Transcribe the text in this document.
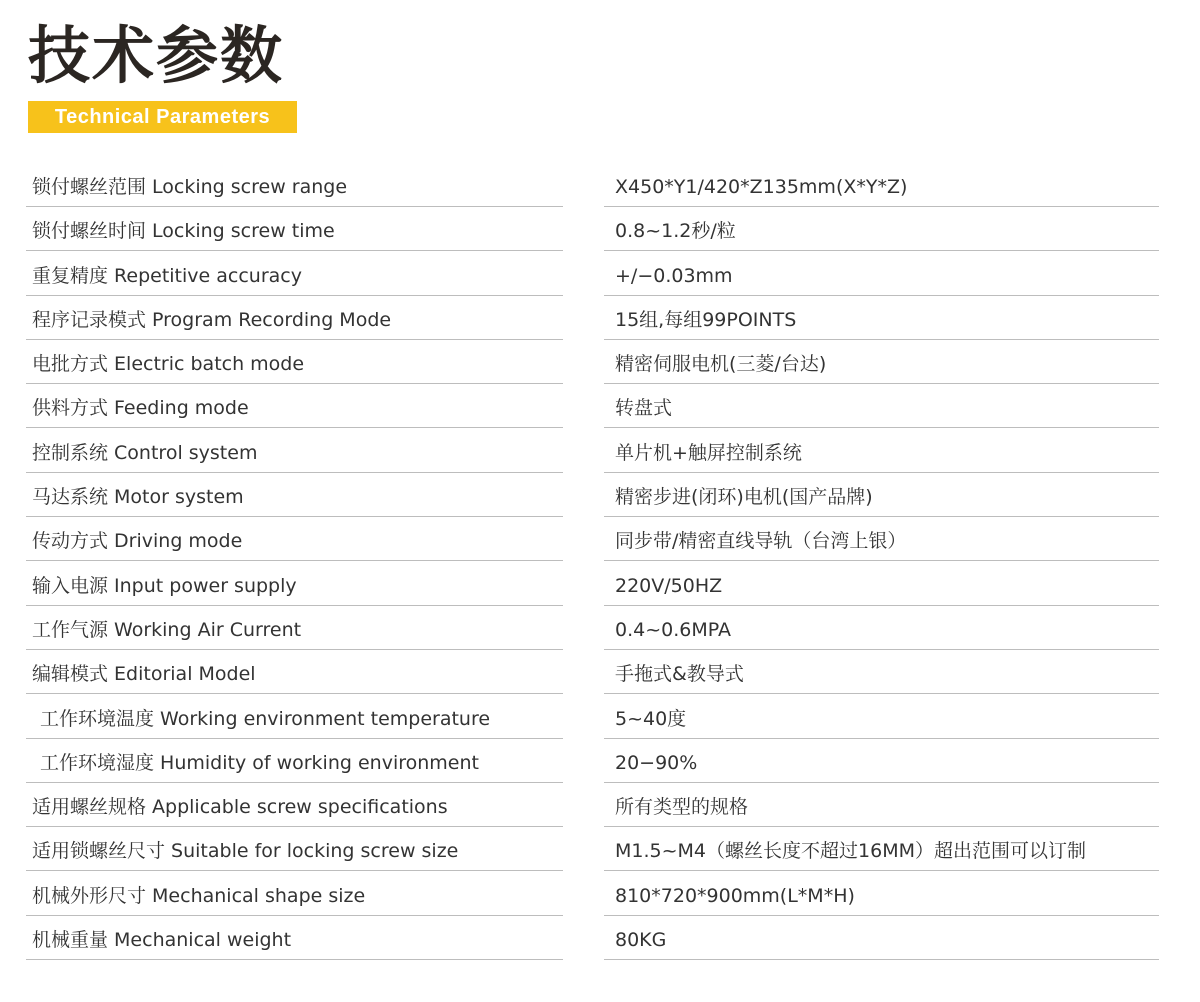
技术参数
Technical Parameters
锁付螺丝范围 Locking screw range	X450*Y1/420*Z135mm(X*Y*Z)
锁付螺丝时间 Locking screw time	0.8~1.2秒/粒
重复精度 Repetitive accuracy	+/−0.03mm
程序记录模式 Program Recording Mode	15组,每组99POINTS
电批方式 Electric batch mode	精密伺服电机(三菱/台达)
供料方式 Feeding mode	转盘式
控制系统 Control system	单片机+触屏控制系统
马达系统 Motor system	精密步进(闭环)电机(国产品牌)
传动方式 Driving mode	同步带/精密直线导轨（台湾上银）
输入电源 Input power supply	220V/50HZ
工作气源 Working Air Current	0.4~0.6MPA
编辑模式 Editorial Model	手拖式&教导式
工作环境温度 Working environment temperature	5~40度
工作环境湿度 Humidity of working environment	20−90%
适用螺丝规格 Applicable screw specifications	所有类型的规格
适用锁螺丝尺寸 Suitable for locking screw size	M1.5~M4（螺丝长度不超过16MM）超出范围可以订制
机械外形尺寸 Mechanical shape size	810*720*900mm(L*M*H)
机械重量 Mechanical weight	80KG
